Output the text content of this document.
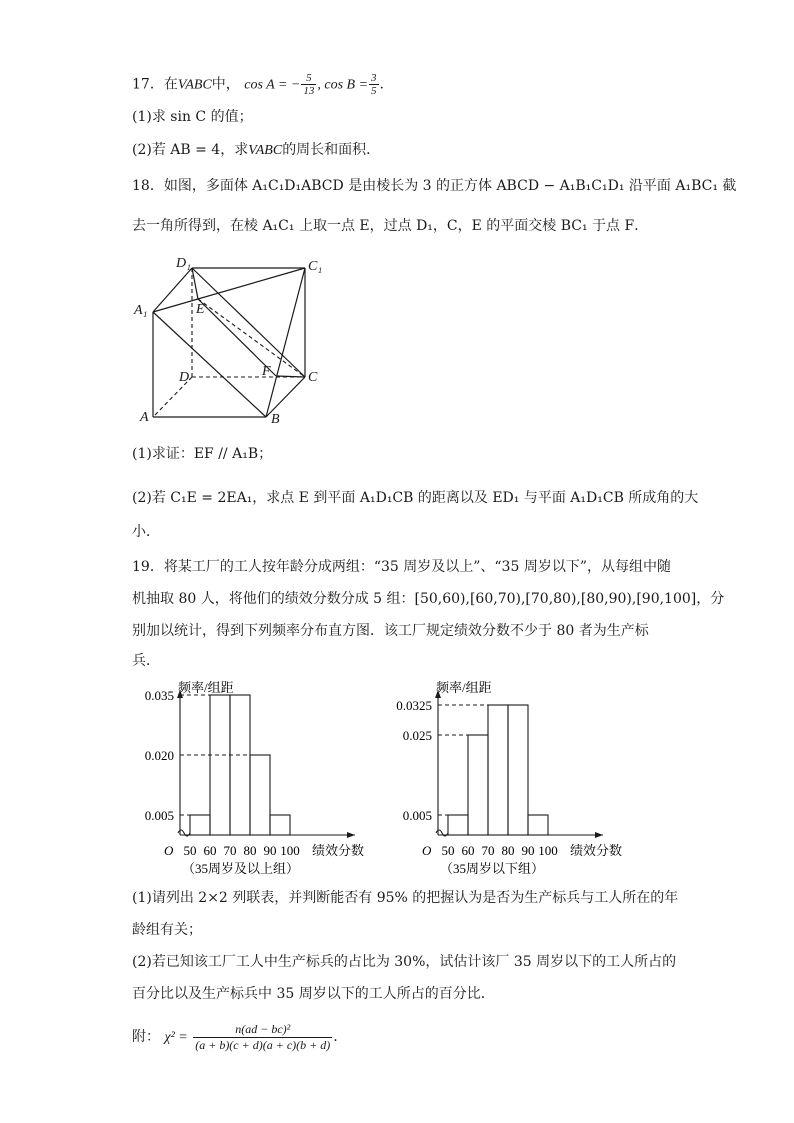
17．在VABC中， cos A = − $\frac{5}{13}$ , $\cos B = \frac{3}{5}$ .
(1)求 sin C 的值；
(2)若 AB = 4，求VABC的周长和面积．
18．如图，多面体 A₁C₁D₁ABCD 是由棱长为 3 的正方体 ABCD − A₁B₁C₁D₁ 沿平面 A₁BC₁ 截
去一角所得到，在棱 A₁C₁ 上取一点 E，过点 D₁，C，E 的平面交棱 BC₁ 于点 F．
D₁	C₁
A₁	E
D	F	C
A	B
(1)求证：EF // A₁B；
(2)若 C₁E = 2EA₁，求点 E 到平面 A₁D₁CB 的距离以及 ED₁ 与平面 A₁D₁CB 所成角的大
小．
19．将某工厂的工人按年龄分成两组：“35 周岁及以上”、“35 周岁以下”，从每组中随
机抽取 80 人，将他们的绩效分数分成 5 组：[50,60),[60,70),[70,80),[80,90),[90,100]，分
别加以统计，得到下列频率分布直方图．该工厂规定绩效分数不少于 80 者为生产标
兵．
频率/组距
O
0.035
0.020
0.005
50 60 70 80 90 100 绩效分数
（35周岁及以上组）
频率/组距
O
0.0325
0.025
0.005
50 60 70 80 90 100 绩效分数
（35周岁以下组）
(1)请列出 2×2 列联表，并判断能否有 95% 的把握认为是否为生产标兵与工人所在的年
龄组有关；
(2)若已知该工厂工人中生产标兵的占比为 30%，试估计该厂 35 周岁以下的工人所占的
百分比以及生产标兵中 35 周岁以下的工人所占的百分比．
附： $\chi^2 = \frac{\text{n(ad − bc)²}}{(a + b)(c + d)(a + c)(b + d)}$ .
